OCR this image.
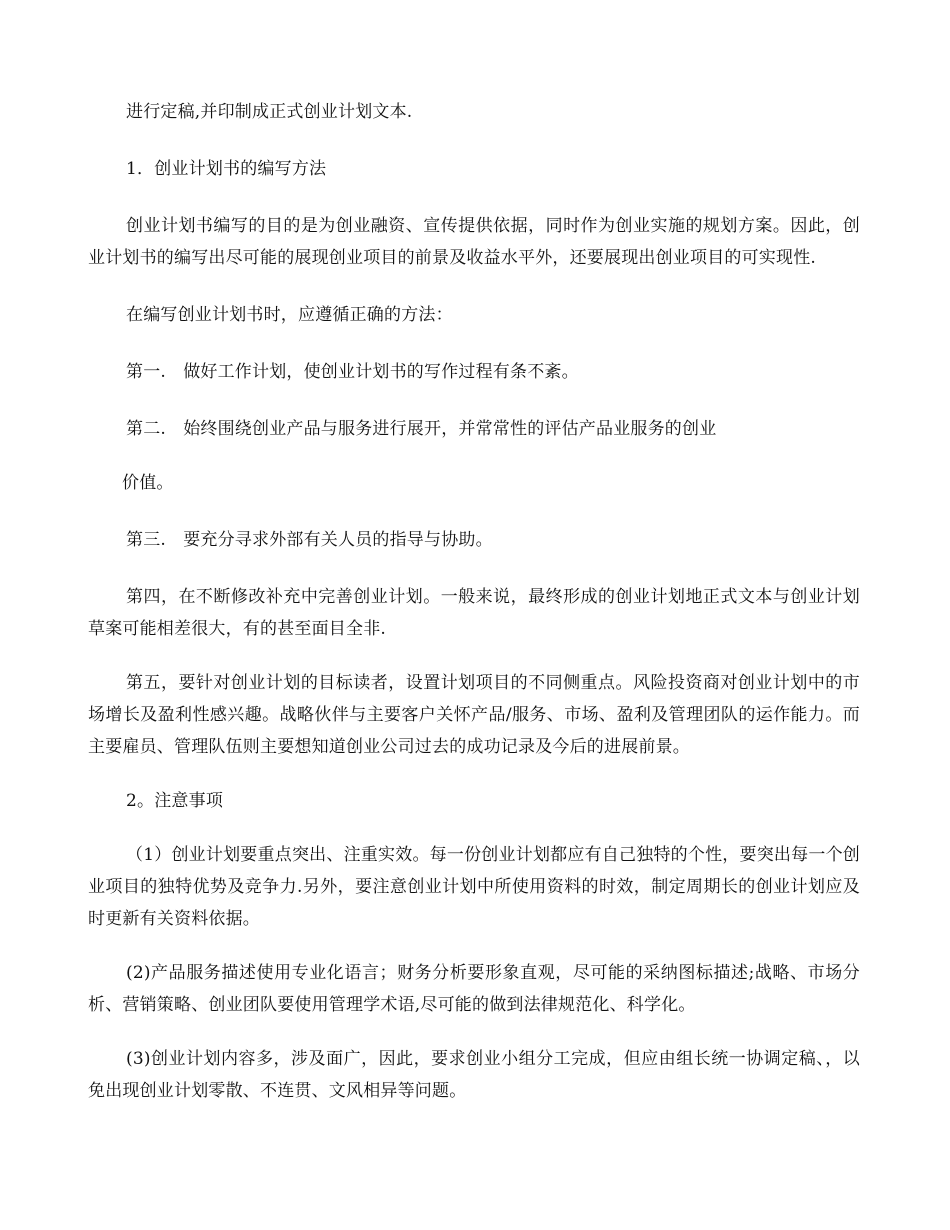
进行定稿,并印制成正式创业计划文本.

1．创业计划书的编写方法

创业计划书编写的目的是为创业融资、宣传提供依据，同时作为创业实施的规划方案。因此，创业计划书的编写出尽可能的展现创业项目的前景及收益水平外，还要展现出创业项目的可实现性.

在编写创业计划书时，应遵循正确的方法：

第一.　做好工作计划，使创业计划书的写作过程有条不紊。

第二.　始终围绕创业产品与服务进行展开，并常常性的评估产品业服务的创业

价值。

第三.　要充分寻求外部有关人员的指导与协助。

第四，在不断修改补充中完善创业计划。一般来说，最终形成的创业计划地正式文本与创业计划草案可能相差很大，有的甚至面目全非.

第五，要针对创业计划的目标读者，设置计划项目的不同侧重点。风险投资商对创业计划中的市场增长及盈利性感兴趣。战略伙伴与主要客户关怀产品/服务、市场、盈利及管理团队的运作能力。而主要雇员、管理队伍则主要想知道创业公司过去的成功记录及今后的进展前景。

2。注意事项

（1）创业计划要重点突出、注重实效。每一份创业计划都应有自己独特的个性，要突出每一个创业项目的独特优势及竞争力.另外，要注意创业计划中所使用资料的时效，制定周期长的创业计划应及时更新有关资料依据。

(2)产品服务描述使用专业化语言；财务分析要形象直观，尽可能的采纳图标描述;战略、市场分析、营销策略、创业团队要使用管理学术语,尽可能的做到法律规范化、科学化。

(3)创业计划内容多，涉及面广，因此，要求创业小组分工完成，但应由组长统一协调定稿、，以免出现创业计划零散、不连贯、文风相异等问题。
